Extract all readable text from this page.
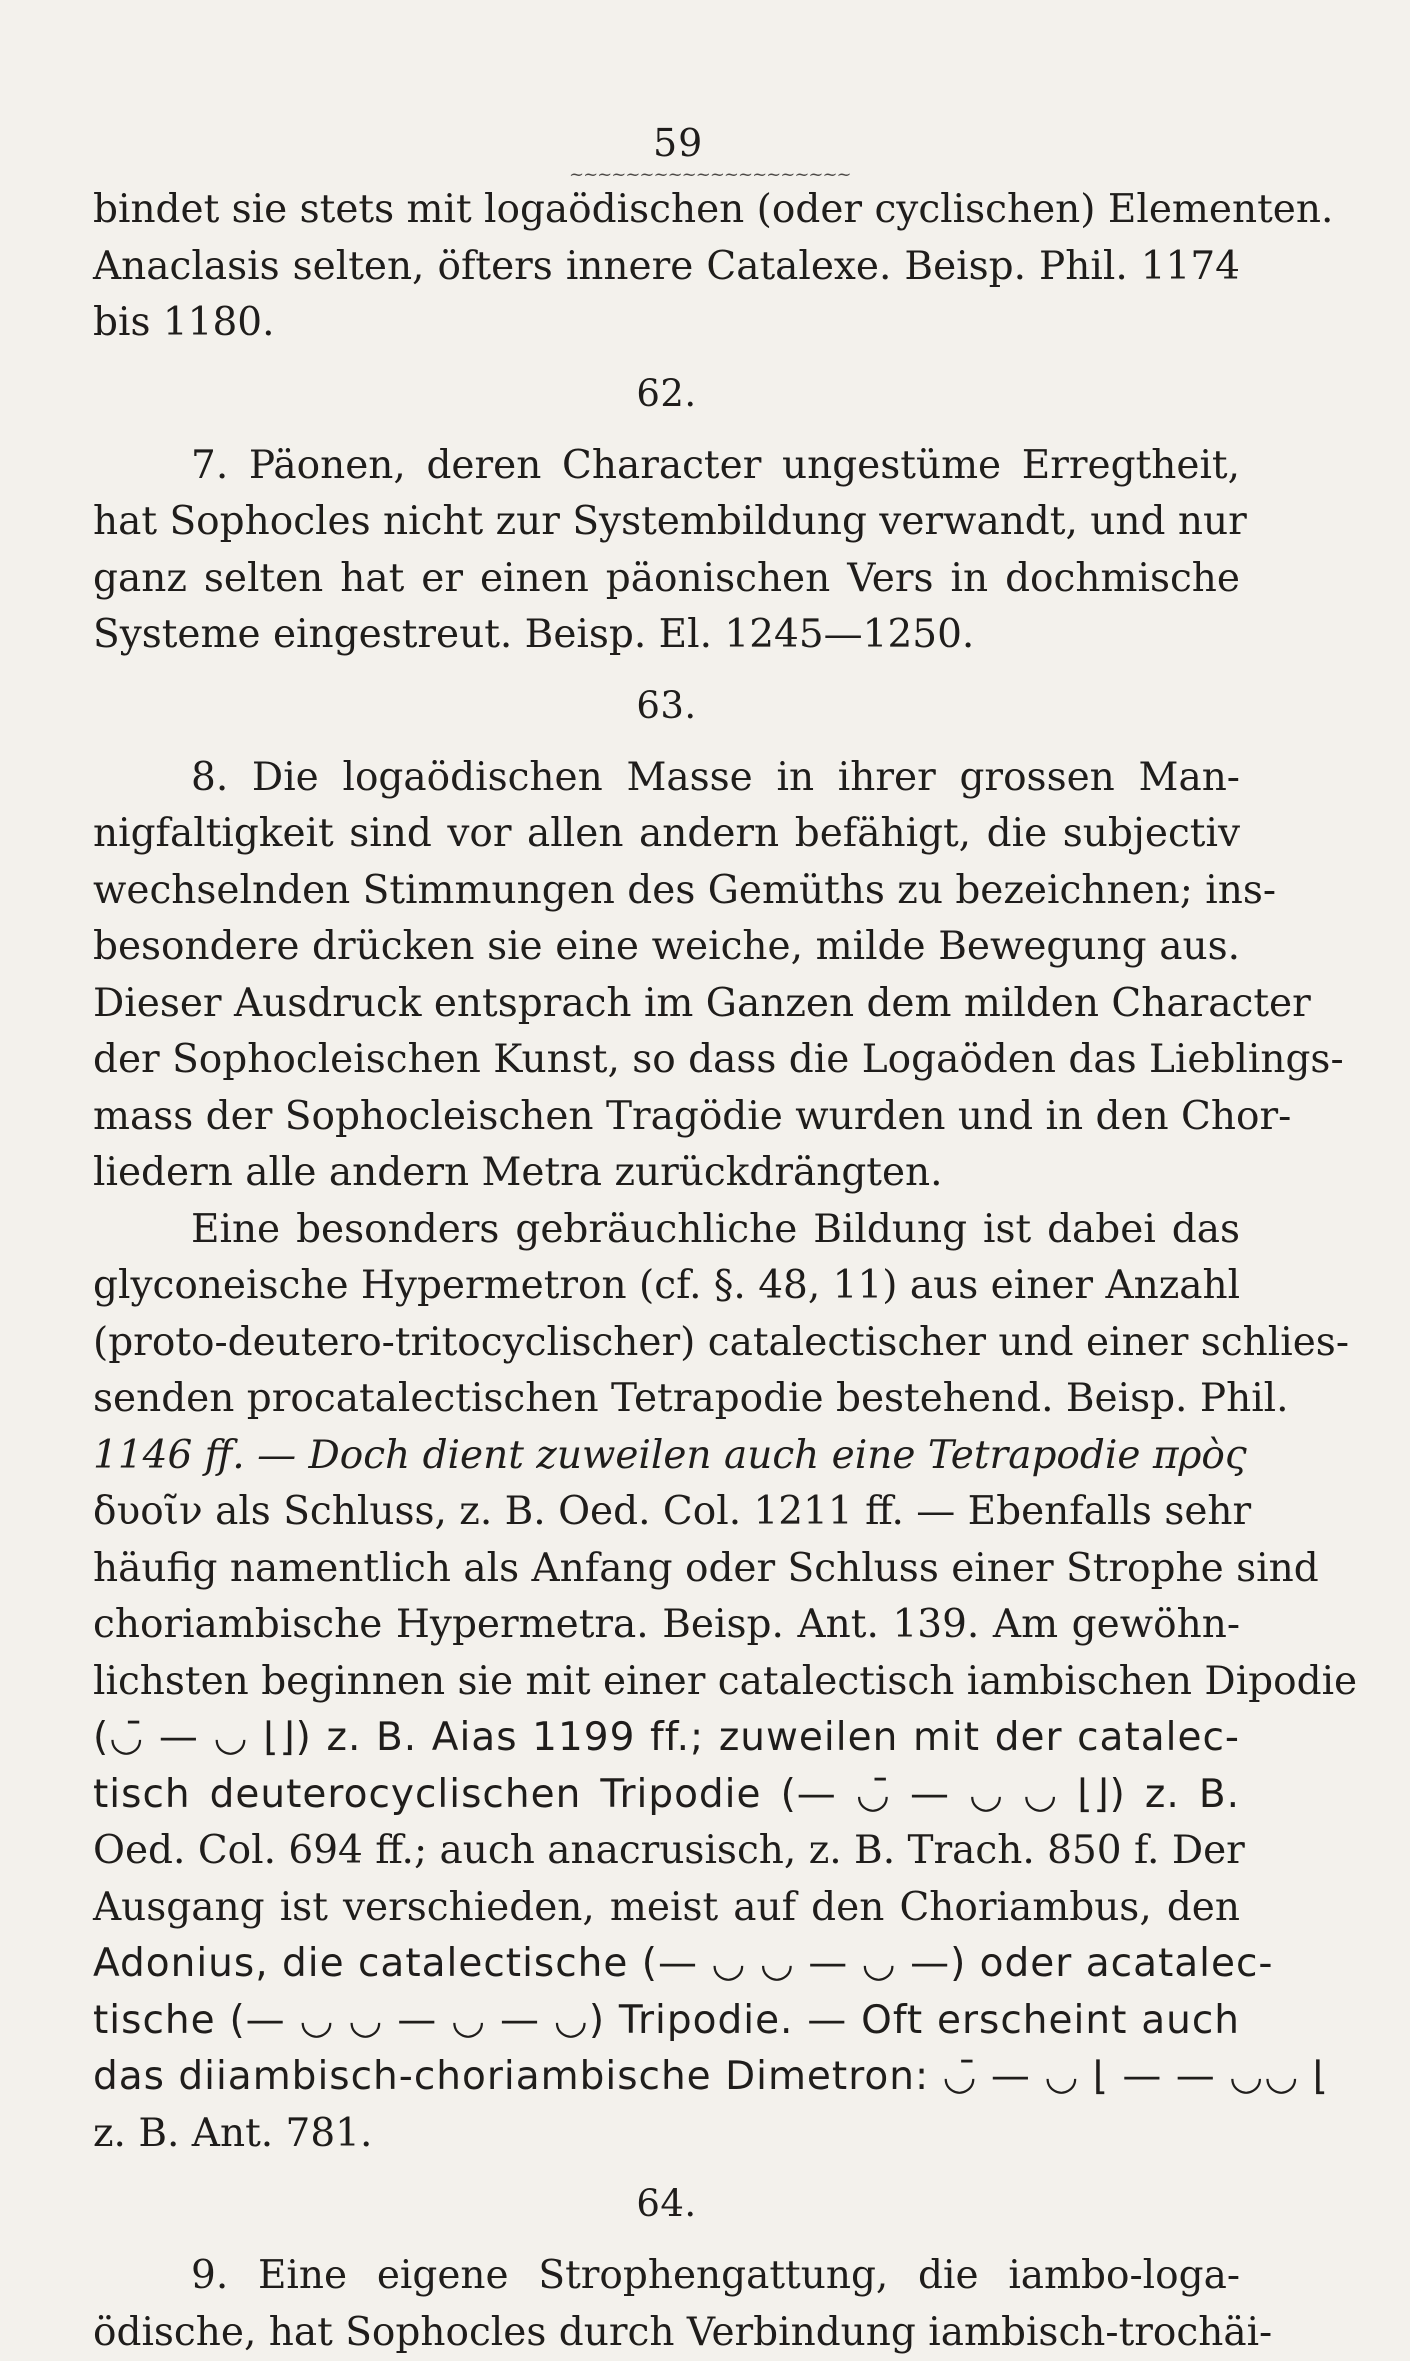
59
~~~~~~~~~~~~~~~~~~~~
bindet sie stets mit logaödischen (oder cyclischen) Elementen.
Anaclasis selten, öfters innere Catalexe. Beisp. Phil. 1174
bis 1180.
62.
7. Päonen, deren Character ungestüme Erregtheit,
hat Sophocles nicht zur Systembildung verwandt, und nur
ganz selten hat er einen päonischen Vers in dochmische
Systeme eingestreut. Beisp. El. 1245—1250.
63.
8. Die logaödischen Masse in ihrer grossen Man-
nigfaltigkeit sind vor allen andern befähigt, die subjectiv
wechselnden Stimmungen des Gemüths zu bezeichnen; ins-
besondere drücken sie eine weiche, milde Bewegung aus.
Dieser Ausdruck entsprach im Ganzen dem milden Character
der Sophocleischen Kunst, so dass die Logaöden das Lieblings-
mass der Sophocleischen Tragödie wurden und in den Chor-
liedern alle andern Metra zurückdrängten.
Eine besonders gebräuchliche Bildung ist dabei das
glyconeische Hypermetron (cf. §. 48, 11) aus einer Anzahl
(proto-deutero-tritocyclischer) catalectischer und einer schlies-
senden procatalectischen Tetrapodie bestehend. Beisp. Phil.
1146 ff. — Doch dient zuweilen auch eine Tetrapodie πρὸς
δυοῖν als Schluss, z. B. Oed. Col. 1211 ff. — Ebenfalls sehr
häufig namentlich als Anfang oder Schluss einer Strophe sind
choriambische Hypermetra. Beisp. Ant. 139. Am gewöhn-
lichsten beginnen sie mit einer catalectisch iambischen Dipodie
(◡̄ — ◡ ⌊⌋) z. B. Aias 1199 ff.; zuweilen mit der catalec-
tisch deuterocyclischen Tripodie (— ◡̄ — ◡ ◡ ⌊⌋) z. B.
Oed. Col. 694 ff.; auch anacrusisch, z. B. Trach. 850 f. Der
Ausgang ist verschieden, meist auf den Choriambus, den
Adonius, die catalectische (— ◡ ◡ — ◡ —) oder acatalec-
tische (— ◡ ◡ — ◡ — ◡) Tripodie. — Oft erscheint auch
das diiambisch-choriambische Dimetron: ◡̄ — ◡ ⌊ — — ◡◡ ⌊
z. B. Ant. 781.
64.
9. Eine eigene Strophengattung, die iambo-loga-
ödische, hat Sophocles durch Verbindung iambisch-trochäi-
